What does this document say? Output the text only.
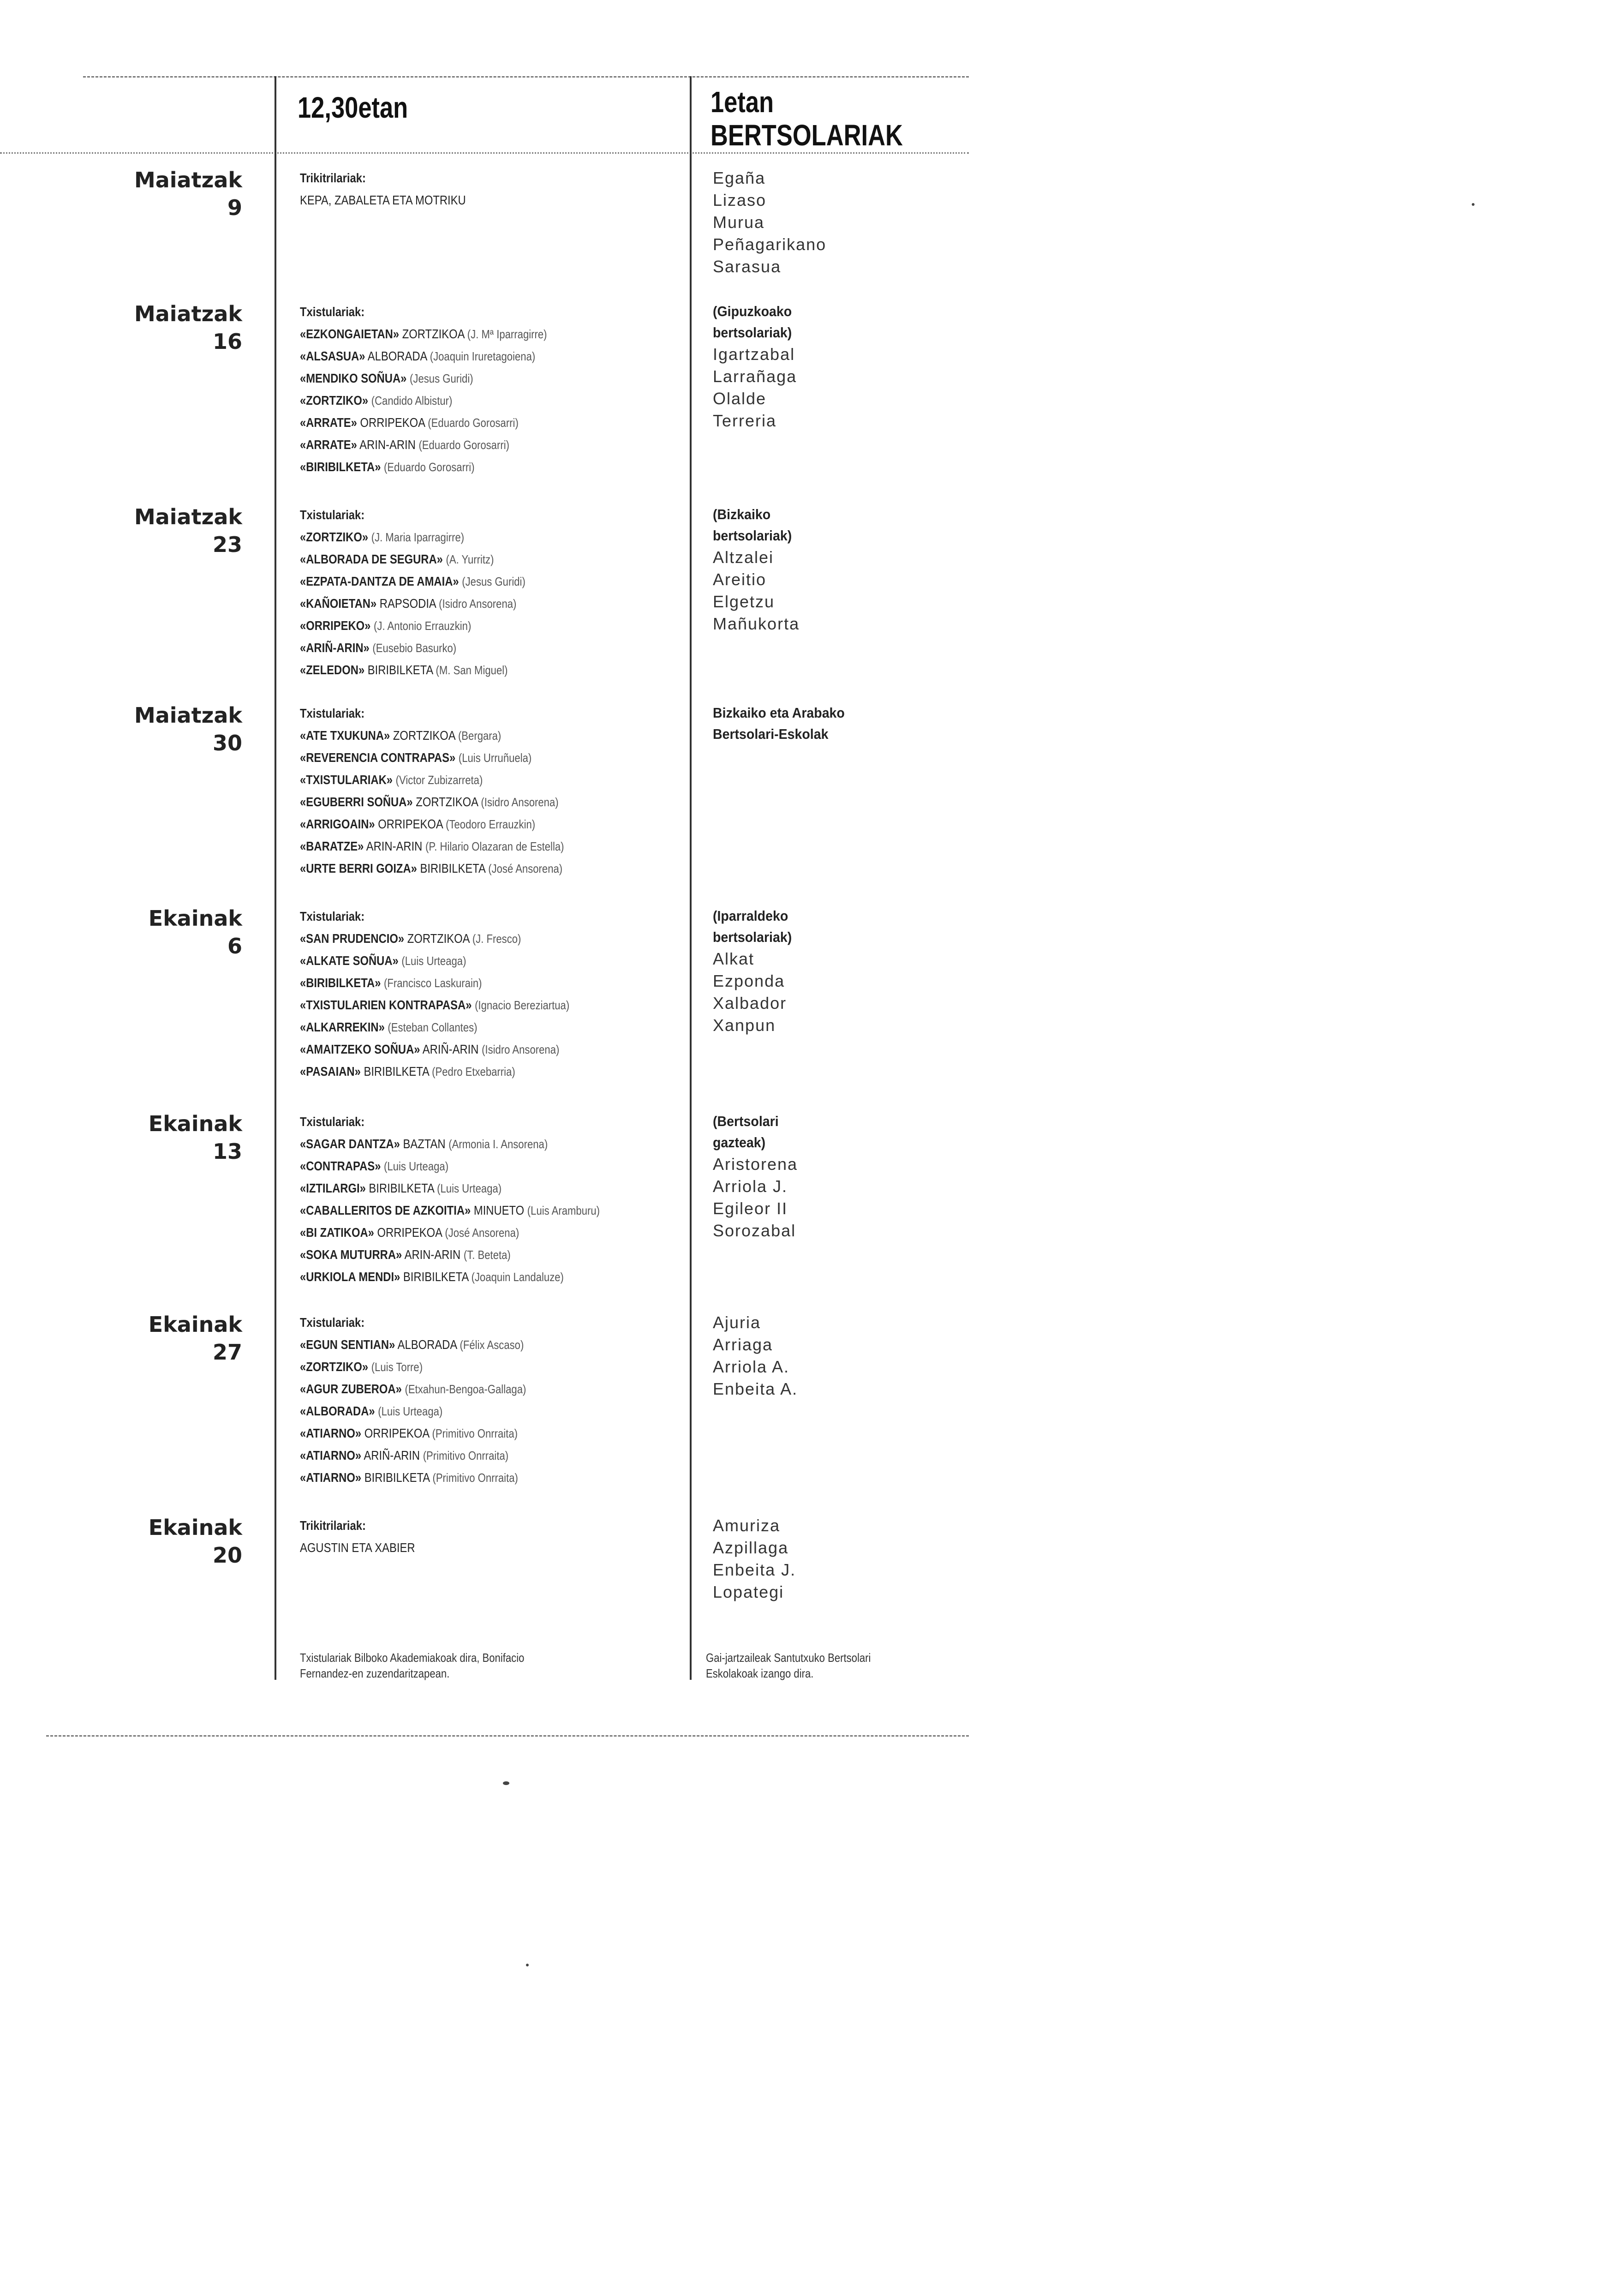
12,30etan	1etan
BERTSOLARIAK
Maiatzak
9
Trikitrilariak:
KEPA, ZABALETA ETA MOTRIKU
Egaña
Lizaso
Murua
Peñagarikano
Sarasua
Maiatzak
16
Txistulariak:
«EZKONGAIETAN» ZORTZIKOA (J. Mª Iparragirre)
«ALSASUA» ALBORADA (Joaquin Iruretagoiena)
«MENDIKO SOÑUA» (Jesus Guridi)
«ZORTZIKO» (Candido Albistur)
«ARRATE» ORRIPEKOA (Eduardo Gorosarri)
«ARRATE» ARIN-ARIN (Eduardo Gorosarri)
«BIRIBILKETA» (Eduardo Gorosarri)
(Gipuzkoako
bertsolariak)
Igartzabal
Larrañaga
Olalde
Terreria
Maiatzak
23
Txistulariak:
«ZORTZIKO» (J. Maria Iparragirre)
«ALBORADA DE SEGURA» (A. Yurritz)
«EZPATA-DANTZA DE AMAIA» (Jesus Guridi)
«KAÑOIETAN» RAPSODIA (Isidro Ansorena)
«ORRIPEKO» (J. Antonio Errauzkin)
«ARIÑ-ARIN» (Eusebio Basurko)
«ZELEDON» BIRIBILKETA (M. San Miguel)
(Bizkaiko
bertsolariak)
Altzalei
Areitio
Elgetzu
Mañukorta
Maiatzak
30
Txistulariak:
«ATE TXUKUNA» ZORTZIKOA (Bergara)
«REVERENCIA CONTRAPAS» (Luis Urruñuela)
«TXISTULARIAK» (Victor Zubizarreta)
«EGUBERRI SOÑUA» ZORTZIKOA (Isidro Ansorena)
«ARRIGOAIN» ORRIPEKOA (Teodoro Errauzkin)
«BARATZE» ARIN-ARIN (P. Hilario Olazaran de Estella)
«URTE BERRI GOIZA» BIRIBILKETA (José Ansorena)
Bizkaiko eta Arabako
Bertsolari-Eskolak
Ekainak
6
Txistulariak:
«SAN PRUDENCIO» ZORTZIKOA (J. Fresco)
«ALKATE SOÑUA» (Luis Urteaga)
«BIRIBILKETA» (Francisco Laskurain)
«TXISTULARIEN KONTRAPASA» (Ignacio Bereziartua)
«ALKARREKIN» (Esteban Collantes)
«AMAITZEKO SOÑUA» ARIÑ-ARIN (Isidro Ansorena)
«PASAIAN» BIRIBILKETA (Pedro Etxebarria)
(Iparraldeko
bertsolariak)
Alkat
Ezponda
Xalbador
Xanpun
Ekainak
13
Txistulariak:
«SAGAR DANTZA» BAZTAN (Armonia I. Ansorena)
«CONTRAPAS» (Luis Urteaga)
«IZTILARGI» BIRIBILKETA (Luis Urteaga)
«CABALLERITOS DE AZKOITIA» MINUETO (Luis Aramburu)
«BI ZATIKOA» ORRIPEKOA (José Ansorena)
«SOKA MUTURRA» ARIN-ARIN (T. Beteta)
«URKIOLA MENDI» BIRIBILKETA (Joaquin Landaluze)
(Bertsolari
gazteak)
Aristorena
Arriola J.
Egileor II
Sorozabal
Ekainak
27
Txistulariak:
«EGUN SENTIAN» ALBORADA (Félix Ascaso)
«ZORTZIKO» (Luis Torre)
«AGUR ZUBEROA» (Etxahun-Bengoa-Gallaga)
«ALBORADA» (Luis Urteaga)
«ATIARNO» ORRIPEKOA (Primitivo Onrraita)
«ATIARNO» ARIÑ-ARIN (Primitivo Onrraita)
«ATIARNO» BIRIBILKETA (Primitivo Onrraita)
Ajuria
Arriaga
Arriola A.
Enbeita A.
Ekainak
20
Trikitrilariak:
AGUSTIN ETA XABIER
Amuriza
Azpillaga
Enbeita J.
Lopategi
Txistulariak Bilboko Akademiakoak dira, Bonifacio
Fernandez-en zuzendaritzapean.
Gai-jartzaileak Santutxuko Bertsolari
Eskolakoak izango dira.
